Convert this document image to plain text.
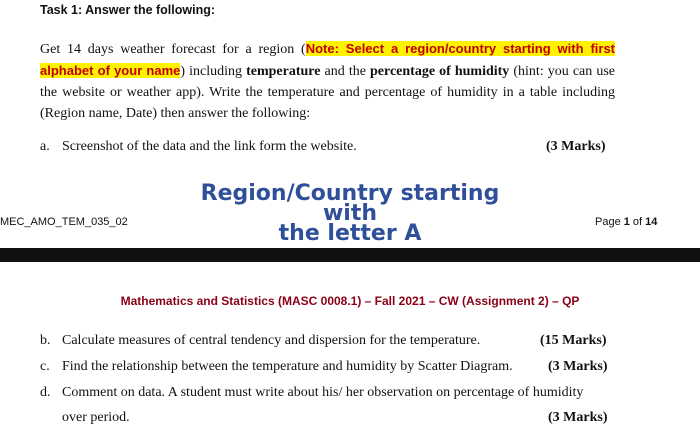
Task 1: Answer the following:
Get 14 days weather forecast for a region (Note: Select a region/country starting with first alphabet of your name) including temperature and the percentage of humidity (hint: you can use the website or weather app). Write the temperature and percentage of humidity in a table including (Region name, Date) then answer the following:
a. Screenshot of the data and the link form the website.	(3 Marks)
Region/Country starting with
the letter A
MEC_AMO_TEM_035_02	Page 1 of 14
Mathematics and Statistics (MASC 0008.1) – Fall 2021 – CW (Assignment 2) – QP
b. Calculate measures of central tendency and dispersion for the temperature.	(15 Marks)
c. Find the relationship between the temperature and humidity by Scatter Diagram.	(3 Marks)
d. Comment on data. A student must write about his/ her observation on percentage of humidity
over period.	(3 Marks)
